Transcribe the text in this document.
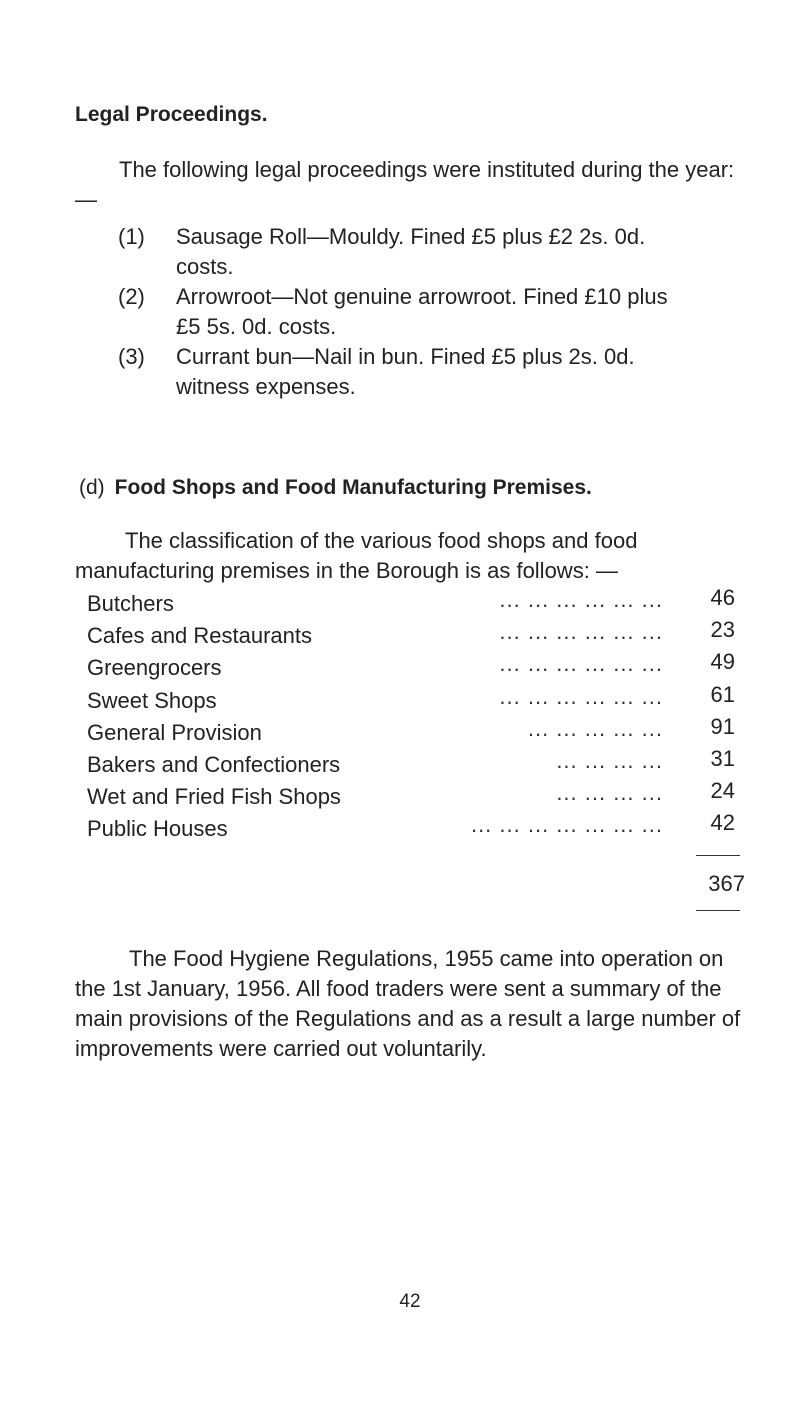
Legal Proceedings.
The following legal proceedings were instituted during the year: —
(1) Sausage Roll—Mouldy. Fined £5 plus £2 2s. 0d.
costs.
(2) Arrowroot—Not genuine arrowroot. Fined £10 plus
£5 5s. 0d. costs.
(3) Currant bun—Nail in bun. Fined £5 plus 2s. 0d.
witness expenses.
(d) Food Shops and Food Manufacturing Premises.
The classification of the various food shops and food manufacturing premises in the Borough is as follows: —
Butchers	... ... ... ... ... ...	46
Cafes and Restaurants	... ... ... ... ... ...	23
Greengrocers	... ... ... ... ... ...	49
Sweet Shops	... ... ... ... ... ...	61
General Provision	... ... ... ... ...	91
Bakers and Confectioners	... ... ... ...	31
Wet and Fried Fish Shops	... ... ... ...	24
Public Houses	... ... ... ... ... ... ...	42
367
The Food Hygiene Regulations, 1955 came into operation on the 1st January, 1956. All food traders were sent a summary of the main provisions of the Regulations and as a result a large number of improvements were carried out voluntarily.
42
